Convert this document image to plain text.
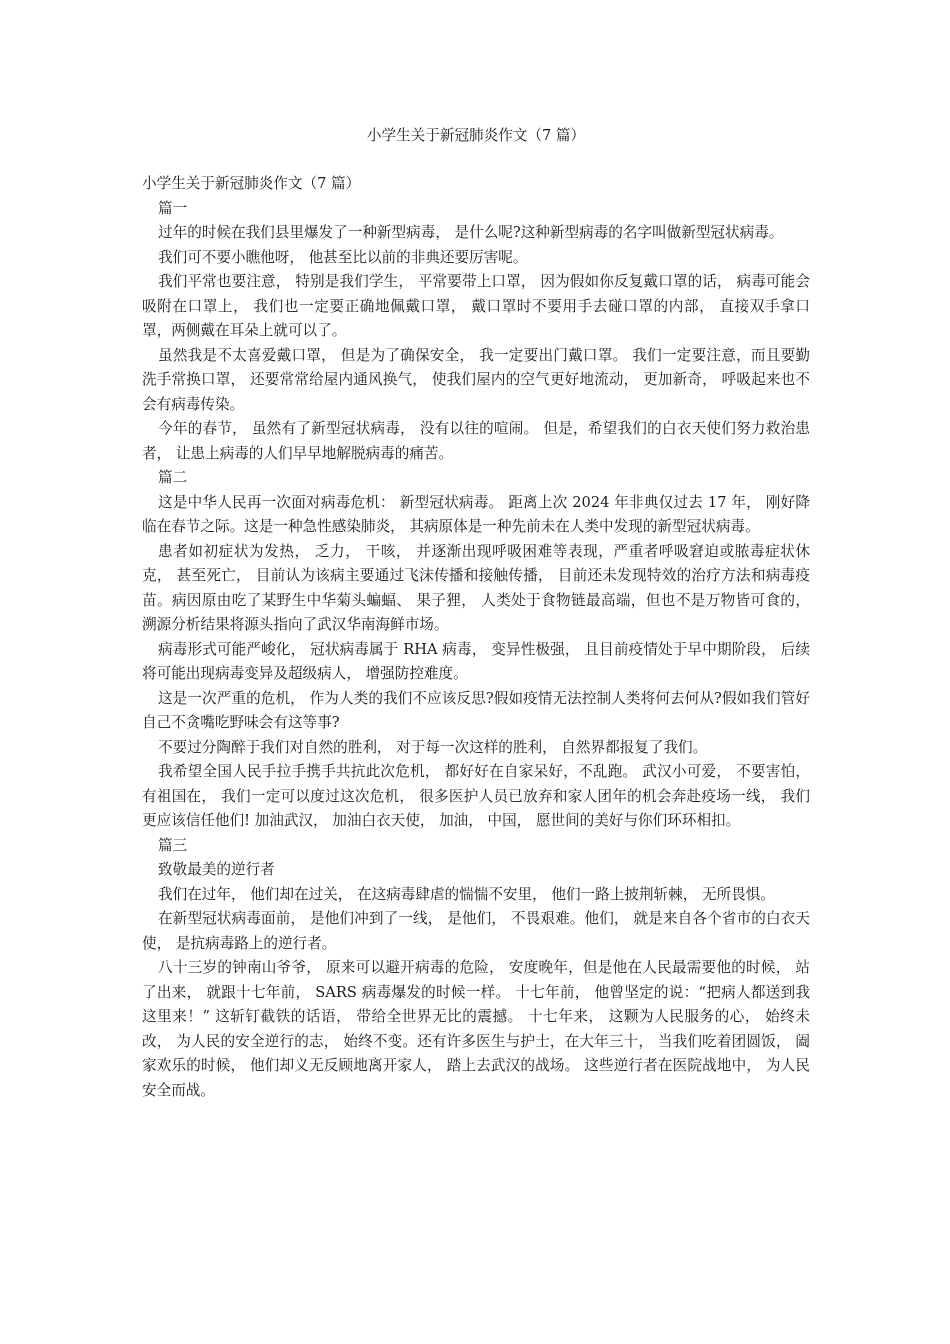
小学生关于新冠肺炎作文（7 篇）

小学生关于新冠肺炎作文（7 篇）

篇一

过年的时候在我们县里爆发了一种新型病毒， 是什么呢?这种新型病毒的名字叫做新型冠状病毒。

我们可不要小瞧他呀， 他甚至比以前的非典还要厉害呢。

我们平常也要注意， 特别是我们学生， 平常要带上口罩， 因为假如你反复戴口罩的话， 病毒可能会吸附在口罩上， 我们也一定要正确地佩戴口罩， 戴口罩时不要用手去碰口罩的内部， 直接双手拿口罩，两侧戴在耳朵上就可以了。

虽然我是不太喜爱戴口罩， 但是为了确保安全， 我一定要出门戴口罩。 我们一定要注意，而且要勤洗手常换口罩， 还要常常给屋内通风换气， 使我们屋内的空气更好地流动， 更加新奇， 呼吸起来也不会有病毒传染。

今年的春节， 虽然有了新型冠状病毒， 没有以往的喧闹。 但是，希望我们的白衣天使们努力救治患者， 让患上病毒的人们早早地解脱病毒的痛苦。

篇二

这是中华人民再一次面对病毒危机： 新型冠状病毒。 距离上次 2024 年非典仅过去 17 年， 刚好降临在春节之际。这是一种急性感染肺炎， 其病原体是一种先前未在人类中发现的新型冠状病毒。

患者如初症状为发热， 乏力， 干咳， 并逐渐出现呼吸困难等表现，严重者呼吸窘迫或脓毒症状休克， 甚至死亡， 目前认为该病主要通过飞沫传播和接触传播， 目前还未发现特效的治疗方法和病毒疫苗。病因原由吃了某野生中华菊头蝙蝠、 果子狸， 人类处于食物链最高端，但也不是万物皆可食的， 溯源分析结果将源头指向了武汉华南海鲜市场。

病毒形式可能严峻化， 冠状病毒属于 RHA 病毒， 变异性极强， 且目前疫情处于早中期阶段， 后续将可能出现病毒变异及超级病人， 增强防控难度。

这是一次严重的危机， 作为人类的我们不应该反思?假如疫情无法控制人类将何去何从?假如我们管好自己不贪嘴吃野味会有这等事?

不要过分陶醉于我们对自然的胜利， 对于每一次这样的胜利， 自然界都报复了我们。

我希望全国人民手拉手携手共抗此次危机， 都好好在自家呆好，不乱跑。 武汉小可爱， 不要害怕， 有祖国在， 我们一定可以度过这次危机， 很多医护人员已放弃和家人团年的机会奔赴疫场一线， 我们更应该信任他们! 加油武汉， 加油白衣天使， 加油， 中国， 愿世间的美好与你们环环相扣。

篇三

致敬最美的逆行者

我们在过年， 他们却在过关， 在这病毒肆虐的惴惴不安里， 他们一路上披荆斩棘， 无所畏惧。

在新型冠状病毒面前， 是他们冲到了一线， 是他们， 不畏艰难。他们， 就是来自各个省市的白衣天使， 是抗病毒路上的逆行者。

八十三岁的钟南山爷爷， 原来可以避开病毒的危险， 安度晚年，但是他在人民最需要他的时候， 站了出来， 就跟十七年前， SARS 病毒爆发的时候一样。 十七年前， 他曾坚定的说：“把病人都送到我这里来！” 这斩钉截铁的话语， 带给全世界无比的震撼。 十七年来， 这颗为人民服务的心， 始终未改， 为人民的安全逆行的志， 始终不变。还有许多医生与护士，在大年三十， 当我们吃着团圆饭， 阖家欢乐的时候， 他们却义无反顾地离开家人， 踏上去武汉的战场。 这些逆行者在医院战地中， 为人民安全而战。
